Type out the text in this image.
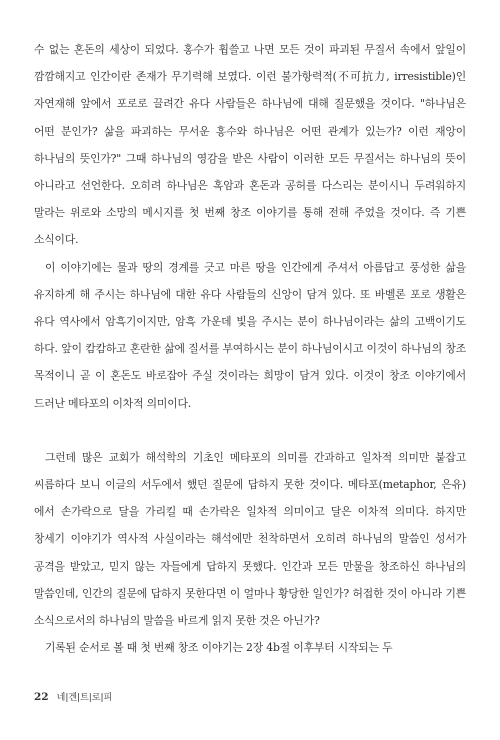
수 없는 혼돈의 세상이 되었다. 홍수가 휩쓸고 나면 모든 것이 파괴된 무질서 속에서 앞일이 깜깜해지고 인간이란 존재가 무기력해 보였다. 이런 불가항력적(不可抗力, irresistible)인 자연재해 앞에서 포로로 끌려간 유다 사람들은 하나님에 대해 질문했을 것이다. "하나님은 어떤 분인가? 삶을 파괴하는 무서운 홍수와 하나님은 어떤 관계가 있는가? 이런 재앙이 하나님의 뜻인가?" 그때 하나님의 영감을 받은 사람이 이러한 모든 무질서는 하나님의 뜻이 아니라고 선언한다. 오히려 하나님은 혹암과 혼돈과 공허를 다스리는 분이시니 두려워하지 말라는 위로와 소망의 메시지를 첫 번째 창조 이야기를 통해 전해 주었을 것이다. 즉 기쁜 소식이다.

이 이야기에는 물과 땅의 경계를 긋고 마른 땅을 인간에게 주셔서 아름답고 풍성한 삶을 유지하게 해 주시는 하나님에 대한 유다 사람들의 신앙이 담겨 있다. 또 바벨론 포로 생활은 유다 역사에서 암흑기이지만, 암흑 가운데 빛을 주시는 분이 하나님이라는 삶의 고백이기도 하다. 앞이 캄캄하고 혼란한 삶에 질서를 부여하시는 분이 하나님이시고 이것이 하나님의 창조 목적이니 곧 이 혼돈도 바로잡아 주실 것이라는 희망이 담겨 있다. 이것이 창조 이야기에서 드러난 메타포의 이차적 의미이다.

그런데 많은 교회가 해석학의 기초인 메타포의 의미를 간과하고 일차적 의미만 붙잡고 씨름하다 보니 이글의 서두에서 했던 질문에 답하지 못한 것이다. 메타포(metaphor, 은유)에서 손가락으로 달을 가리킬 때 손가락은 일차적 의미이고 달은 이차적 의미다. 하지만 창세기 이야기가 역사적 사실이라는 해석에만 천착하면서 오히려 하나님의 말씀인 성서가 공격을 받았고, 믿지 않는 자들에게 답하지 못했다. 인간과 모든 만물을 창조하신 하나님의 말씀인데, 인간의 질문에 답하지 못한다면 이 얼마나 황당한 일인가? 허접한 것이 아니라 기쁜 소식으로서의 하나님의 말씀을 바르게 읽지 못한 것은 아닌가?

기록된 순서로 볼 때 첫 번째 창조 이야기는 2장 4b절 이후부터 시작되는 두

22 네|겐|트|로|피
